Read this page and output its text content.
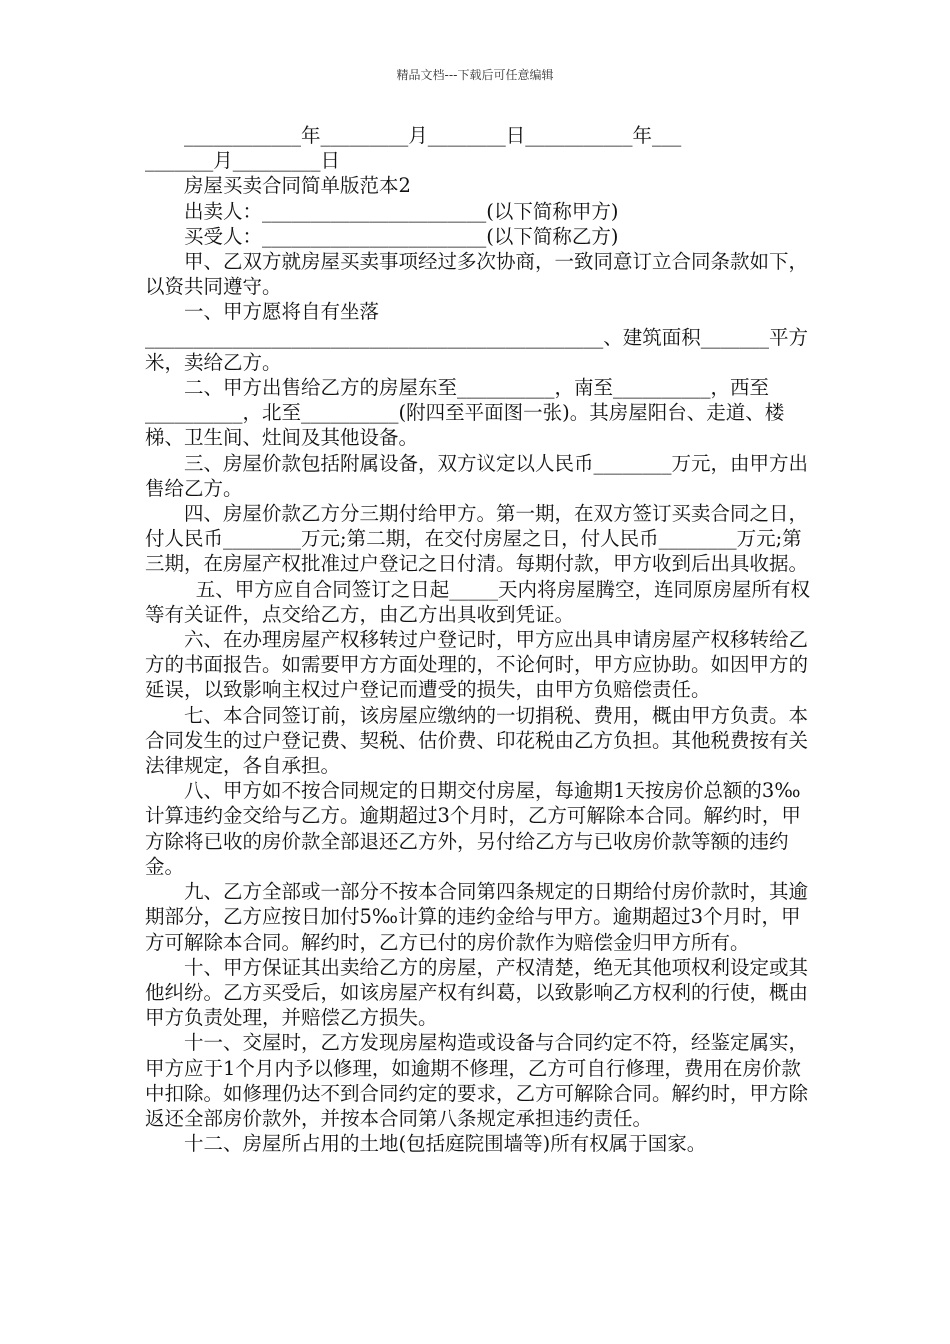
精品文档---下载后可任意编辑

____________年_________月________日___________年___

_______月_________日

房屋买卖合同简单版范本2

出卖人：_______________________(以下简称甲方)

买受人：_______________________(以下简称乙方)

甲、乙双方就房屋买卖事项经过多次协商，一致同意订立合同条款如下，以资共同遵守。

一、甲方愿将自有坐落_______________________________________________、建筑面积_______平方米，卖给乙方。

二、甲方出售给乙方的房屋东至__________，南至__________，西至__________，北至__________(附四至平面图一张)。其房屋阳台、走道、楼梯、卫生间、灶间及其他设备。

三、房屋价款包括附属设备，双方议定以人民币________万元，由甲方出售给乙方。

四、房屋价款乙方分三期付给甲方。第一期，在双方签订买卖合同之日，付人民币________万元;第二期，在交付房屋之日，付人民币________万元;第三期，在房屋产权批准过户登记之日付清。每期付款，甲方收到后出具收据。

五、甲方应自合同签订之日起_____天内将房屋腾空，连同原房屋所有权等有关证件，点交给乙方，由乙方出具收到凭证。

六、在办理房屋产权移转过户登记时，甲方应出具申请房屋产权移转给乙方的书面报告。如需要甲方方面处理的，不论何时，甲方应协助。如因甲方的延误，以致影响主权过户登记而遭受的损失，由甲方负赔偿责任。

七、本合同签订前，该房屋应缴纳的一切捐税、费用，概由甲方负责。本合同发生的过户登记费、契税、估价费、印花税由乙方负担。其他税费按有关法律规定，各自承担。

八、甲方如不按合同规定的日期交付房屋，每逾期1天按房价总额的3‰计算违约金交给与乙方。逾期超过3个月时，乙方可解除本合同。解约时，甲方除将已收的房价款全部退还乙方外，另付给乙方与已收房价款等额的违约金。

九、乙方全部或一部分不按本合同第四条规定的日期给付房价款时，其逾期部分，乙方应按日加付5‰计算的违约金给与甲方。逾期超过3个月时，甲方可解除本合同。解约时，乙方已付的房价款作为赔偿金归甲方所有。

十、甲方保证其出卖给乙方的房屋，产权清楚，绝无其他项权利设定或其他纠纷。乙方买受后，如该房屋产权有纠葛，以致影响乙方权利的行使，概由甲方负责处理，并赔偿乙方损失。

十一、交屋时，乙方发现房屋构造或设备与合同约定不符，经鉴定属实，甲方应于1个月内予以修理，如逾期不修理，乙方可自行修理，费用在房价款中扣除。如修理仍达不到合同约定的要求，乙方可解除合同。解约时，甲方除返还全部房价款外，并按本合同第八条规定承担违约责任。

十二、房屋所占用的土地(包括庭院围墙等)所有权属于国家。
